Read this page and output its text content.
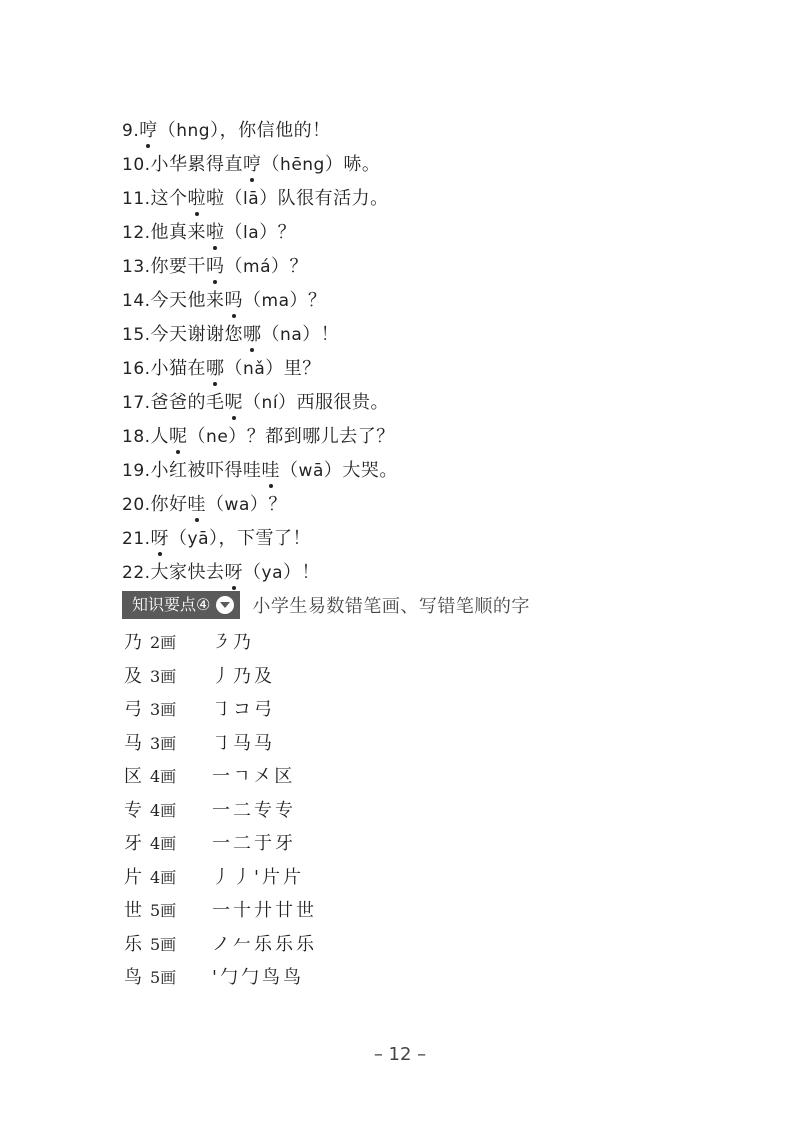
9.哼（hng），你信他的！
10.小华累得直哼（hēng）哧。
11.这个啦啦（lā）队很有活力。
12.他真来啦（la）？
13.你要干吗（má）？
14.今天他来吗（ma）？
15.今天谢谢您哪（na）！
16.小猫在哪（nǎ）里？
17.爸爸的毛呢（ní）西服很贵。
18.人呢（ne）？都到哪儿去了？
19.小红被吓得哇哇（wā）大哭。
20.你好哇（wa）？
21.呀（yā），下雪了！
22.大家快去呀（ya）！
知识要点④ 小学生易数错笔画、写错笔顺的字
乃 2画 ㇋乃
及 3画 丿乃及
弓 3画 ㇆コ弓
马 3画 ㇆马马
区 4画 一ㄱ㐅区
专 4画 一二专专
牙 4画 一二于牙
片 4画 丿丿'片片
世 5画 一十廾廿世
乐 5画 ノ𠂉乐乐乐
鸟 5画 '勹勹鸟鸟
– 12 –
